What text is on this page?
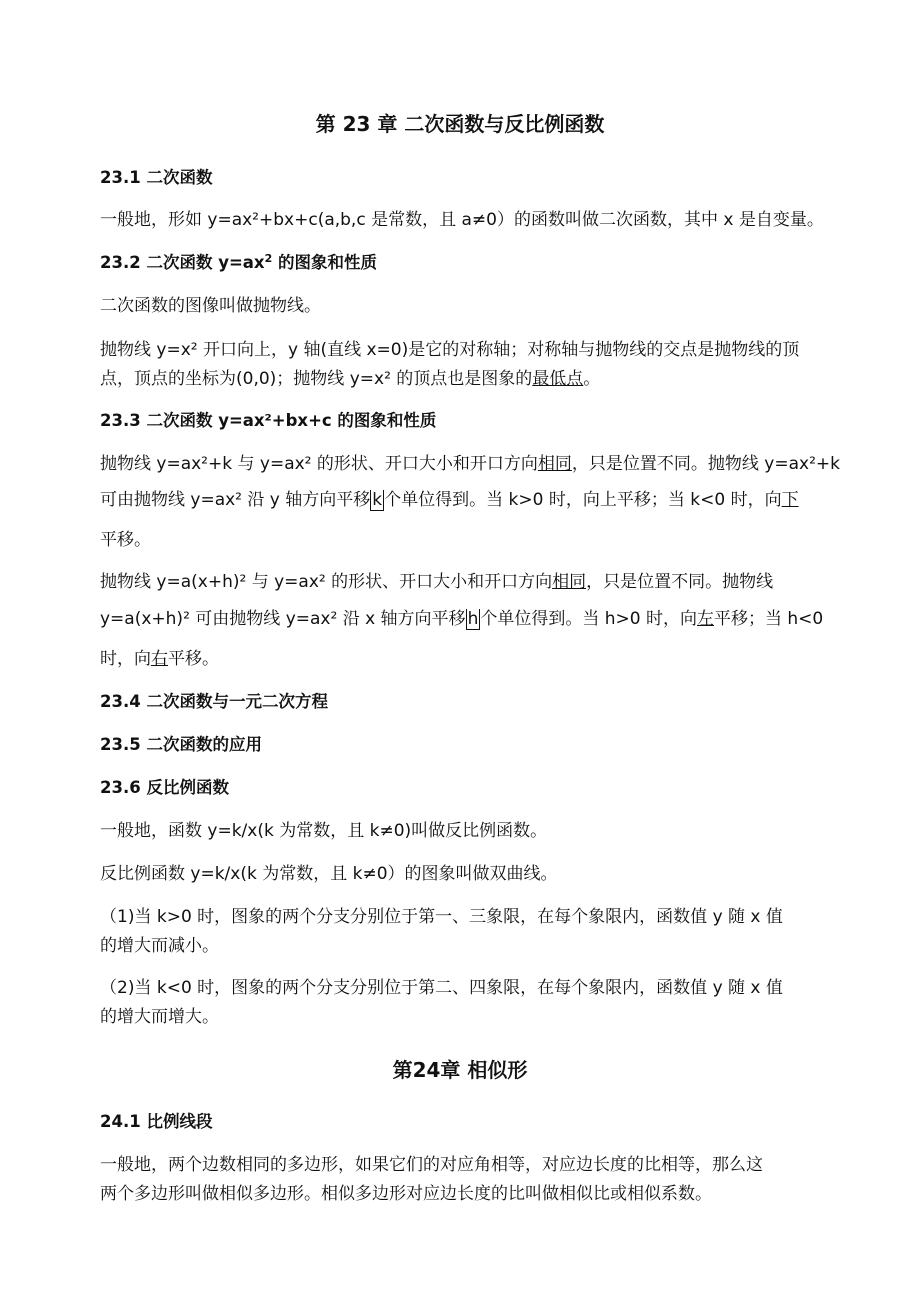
第 23 章 二次函数与反比例函数
23.1 二次函数
一般地，形如 y=ax²+bx+c(a,b,c 是常数，且 a≠0）的函数叫做二次函数，其中 x 是自变量。
23.2 二次函数 $y=ax^2$ 的图象和性质
二次函数的图像叫做抛物线。
抛物线 y=x² 开口向上，y 轴(直线 x=0)是它的对称轴；对称轴与抛物线的交点是抛物线的顶
点，顶点的坐标为(0,0)；抛物线 y=x² 的顶点也是图象的最低点。
23.3 二次函数 y=ax²+bx+c 的图象和性质
抛物线 y=ax²+k 与 y=ax² 的形状、开口大小和开口方向相同，只是位置不同。抛物线 y=ax²+k
可由抛物线 y=ax² 沿 y 轴方向平移 k 个单位得到。当 k>0 时，向上平移；当 k<0 时，向下
平移。
抛物线 y=a(x+h)² 与 y=ax² 的形状、开口大小和开口方向相同，只是位置不同。抛物线
y=a(x+h)² 可由抛物线 y=ax² 沿 x 轴方向平移 h 个单位得到。当 h>0 时，向左平移；当 h<0
时，向右平移。
23.4 二次函数与一元二次方程
23.5 二次函数的应用
23.6 反比例函数
一般地，函数 y=k/x(k 为常数，且 k≠0)叫做反比例函数。
反比例函数 y=k/x(k 为常数，且 k≠0）的图象叫做双曲线。
（1)当 k>0 时，图象的两个分支分别位于第一、三象限，在每个象限内，函数值 y 随 x 值
的增大而减小。
（2)当 k<0 时，图象的两个分支分别位于第二、四象限，在每个象限内，函数值 y 随 x 值
的增大而增大。
第24章 相似形
24.1 比例线段
一般地，两个边数相同的多边形，如果它们的对应角相等，对应边长度的比相等，那么这
两个多边形叫做相似多边形。相似多边形对应边长度的比叫做相似比或相似系数。
